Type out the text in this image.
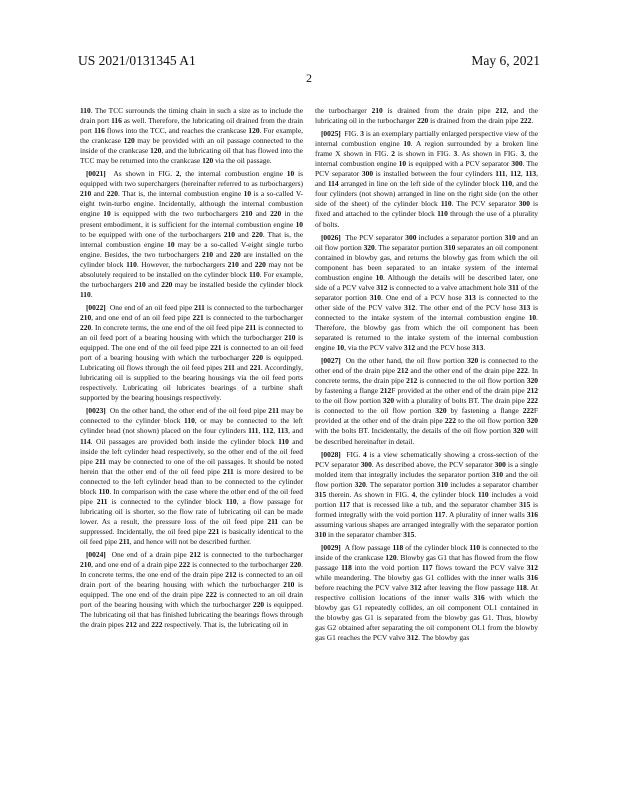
US 2021/0131345 A1	May 6, 2021
2

110. The TCC surrounds the timing chain in such a size as to include the drain port 116 as well. Therefore, the lubricating oil drained from the drain port 116 flows into the TCC, and reaches the crankcase 120. For example, the crankcase 120 may be provided with an oil passage connected to the inside of the crankcase 120, and the lubricating oil that has flowed into the TCC may be returned into the crankcase 120 via the oil passage.

[0021] As shown in FIG. 2, the internal combustion engine 10 is equipped with two superchargers (hereinafter referred to as turbochargers) 210 and 220. That is, the internal combustion engine 10 is a so-called V-eight twin-turbo engine. Incidentally, although the internal combustion engine 10 is equipped with the two turbochargers 210 and 220 in the present embodiment, it is sufficient for the internal combustion engine 10 to be equipped with one of the turbochargers 210 and 220. That is, the internal combustion engine 10 may be a so-called V-eight single turbo engine. Besides, the two turbochargers 210 and 220 are installed on the cylinder block 110. However, the turbochargers 210 and 220 may not be absolutely required to be installed on the cylinder block 110. For example, the turbochargers 210 and 220 may be installed beside the cylinder block 110.

[0022] One end of an oil feed pipe 211 is connected to the turbocharger 210, and one end of an oil feed pipe 221 is connected to the turbocharger 220. In concrete terms, the one end of the oil feed pipe 211 is connected to an oil feed port of a bearing housing with which the turbocharger 210 is equipped. The one end of the oil feed pipe 221 is connected to an oil feed port of a bearing housing with which the turbocharger 220 is equipped. Lubricating oil flows through the oil feed pipes 211 and 221. Accordingly, lubricating oil is supplied to the bearing housings via the oil feed ports respectively. Lubricating oil lubricates bearings of a turbine shaft supported by the bearing housings respectively.

[0023] On the other hand, the other end of the oil feed pipe 211 may be connected to the cylinder block 110, or may be connected to the left cylinder head (not shown) placed on the four cylinders 111, 112, 113, and 114. Oil passages are provided both inside the cylinder block 110 and inside the left cylinder head respectively, so the other end of the oil feed pipe 211 may be connected to one of the oil passages. It should be noted herein that the other end of the oil feed pipe 211 is more desired to be connected to the left cylinder head than to be connected to the cylinder block 110. In comparison with the case where the other end of the oil feed pipe 211 is connected to the cylinder block 110, a flow passage for lubricating oil is shorter, so the flow rate of lubricating oil can be made lower. As a result, the pressure loss of the oil feed pipe 211 can be suppressed. Incidentally, the oil feed pipe 221 is basically identical to the oil feed pipe 211, and hence will not be described further.

[0024] One end of a drain pipe 212 is connected to the turbocharger 210, and one end of a drain pipe 222 is connected to the turbocharger 220. In concrete terms, the one end of the drain pipe 212 is connected to an oil drain port of the bearing housing with which the turbocharger 210 is equipped. The one end of the drain pipe 222 is connected to an oil drain port of the bearing housing with which the turbocharger 220 is equipped. The lubricating oil that has finished lubricating the bearings flows through the drain pipes 212 and 222 respectively. That is, the lubricating oil in

the turbocharger 210 is drained from the drain pipe 212, and the lubricating oil in the turbocharger 220 is drained from the drain pipe 222.

[0025] FIG. 3 is an exemplary partially enlarged perspective view of the internal combustion engine 10. A region surrounded by a broken line frame X shown in FIG. 2 is shown in FIG. 3. As shown in FIG. 3, the internal combustion engine 10 is equipped with a PCV separator 300. The PCV separator 300 is installed between the four cylinders 111, 112, 113, and 114 arranged in line on the left side of the cylinder block 110, and the four cylinders (not shown) arranged in line on the right side (on the other side of the sheet) of the cylinder block 110. The PCV separator 300 is fixed and attached to the cylinder block 110 through the use of a plurality of bolts.

[0026] The PCV separator 300 includes a separator portion 310 and an oil flow portion 320. The separator portion 310 separates an oil component contained in blowby gas, and returns the blowby gas from which the oil component has been separated to an intake system of the internal combustion engine 10. Although the details will be described later, one side of a PCV valve 312 is connected to a valve attachment hole 311 of the separator portion 310. One end of a PCV hose 313 is connected to the other side of the PCV valve 312. The other end of the PCV hose 313 is connected to the intake system of the internal combustion engine 10. Therefore, the blowby gas from which the oil component has been separated is returned to the intake system of the internal combustion engine 10, via the PCV valve 312 and the PCV hose 313.

[0027] On the other hand, the oil flow portion 320 is connected to the other end of the drain pipe 212 and the other end of the drain pipe 222. In concrete terms, the drain pipe 212 is connected to the oil flow portion 320 by fastening a flange 212F provided at the other end of the drain pipe 212 to the oil flow portion 320 with a plurality of bolts BT. The drain pipe 222 is connected to the oil flow portion 320 by fastening a flange 222F provided at the other end of the drain pipe 222 to the oil flow portion 320 with the bolts BT. Incidentally, the details of the oil flow portion 320 will be described hereinafter in detail.

[0028] FIG. 4 is a view schematically showing a cross-section of the PCV separator 300. As described above, the PCV separator 300 is a single molded item that integrally includes the separator portion 310 and the oil flow portion 320. The separator portion 310 includes a separator chamber 315 therein. As shown in FIG. 4, the cylinder block 110 includes a void portion 117 that is recessed like a tub, and the separator chamber 315 is formed integrally with the void portion 117. A plurality of inner walls 316 assuming various shapes are arranged integrally with the separator portion 310 in the separator chamber 315.

[0029] A flow passage 118 of the cylinder block 110 is connected to the inside of the crankcase 120. Blowby gas G1 that has flowed from the flow passage 118 into the void portion 117 flows toward the PCV valve 312 while meandering. The blowby gas G1 collides with the inner walls 316 before reaching the PCV valve 312 after leaving the flow passage 118. At respective collision locations of the inner walls 316 with which the blowby gas G1 repeatedly collides, an oil component OL1 contained in the blowby gas G1 is separated from the blowby gas G1. Thus, blowby gas G2 obtained after separating the oil component OL1 from the blowby gas G1 reaches the PCV valve 312. The blowby gas
